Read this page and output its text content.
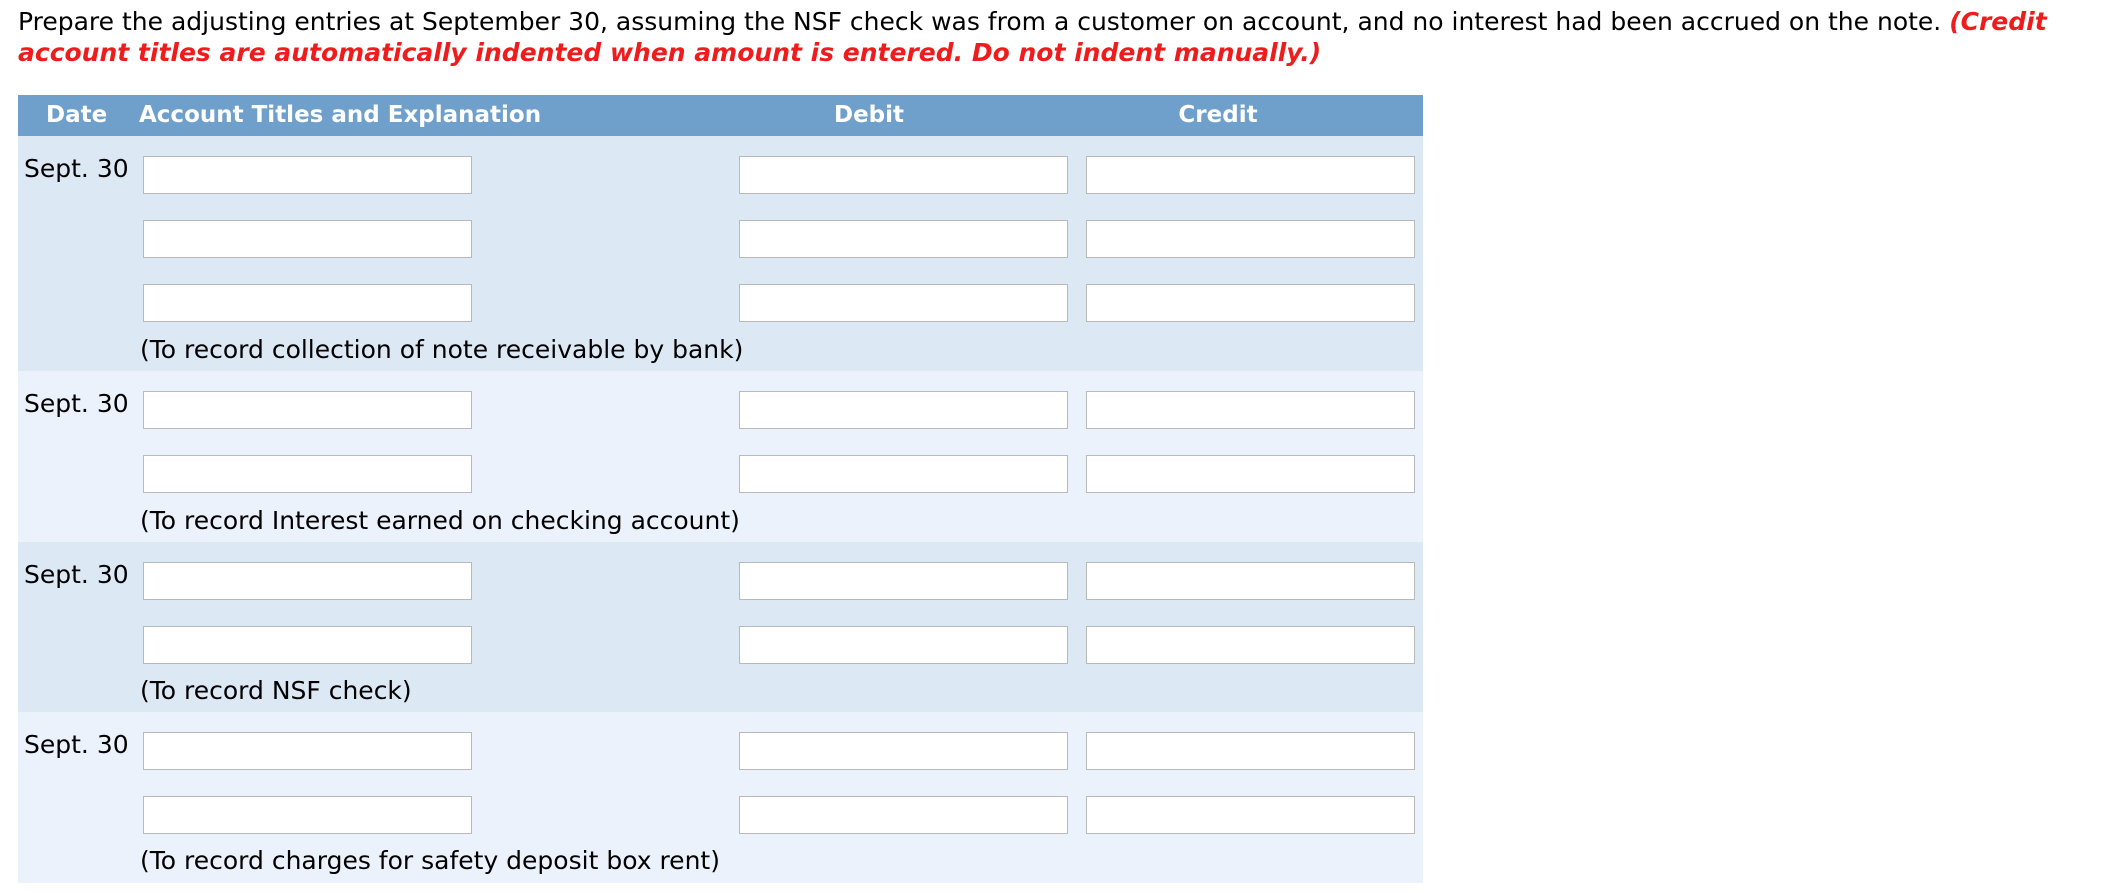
Prepare the adjusting entries at September 30, assuming the NSF check was from a customer on account, and no interest had been accrued on the note. (Credit account titles are automatically indented when amount is entered. Do not indent manually.)
Date Account Titles and Explanation	Debit	Credit
Sept. 30
(To record collection of note receivable by bank)
Sept. 30
(To record Interest earned on checking account)
Sept. 30
(To record NSF check)
Sept. 30
(To record charges for safety deposit box rent)
